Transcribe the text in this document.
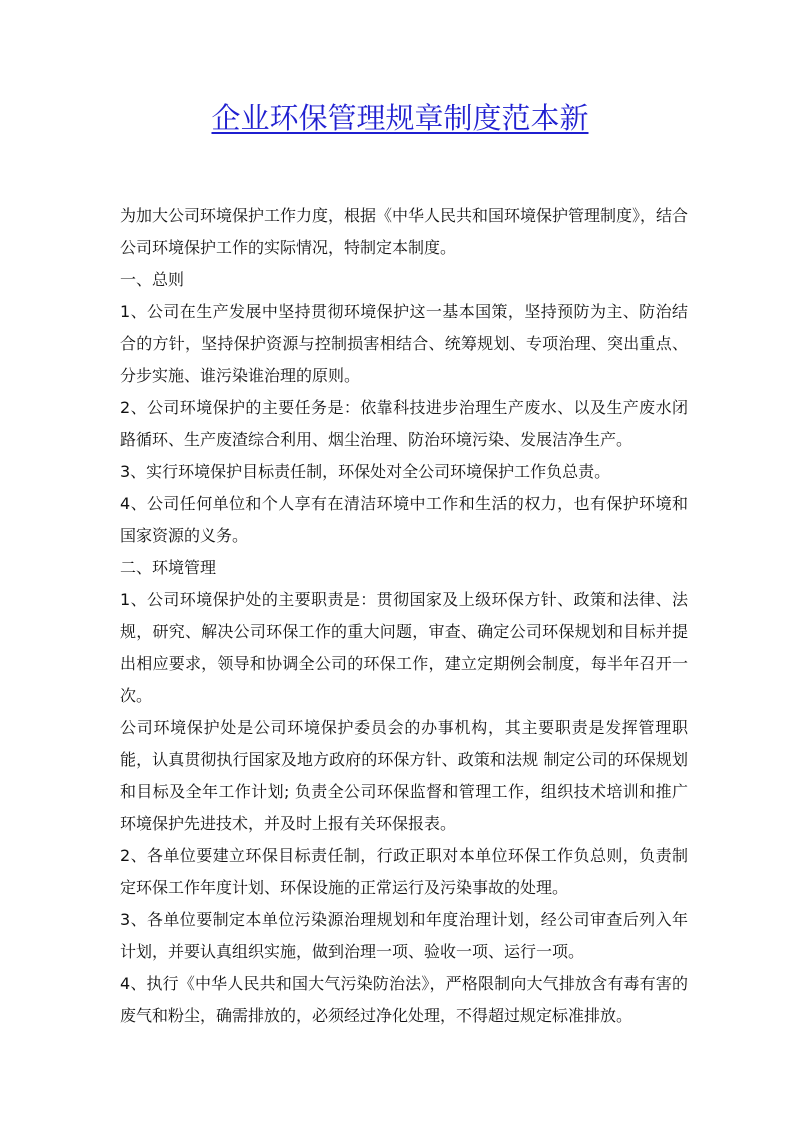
企业环保管理规章制度范本新

为加大公司环境保护工作力度，根据《中华人民共和国环境保护管理制度》，结合公司环境保护工作的实际情况，特制定本制度。

一、总则

1、公司在生产发展中坚持贯彻环境保护这一基本国策，坚持预防为主、防治结合的方针，坚持保护资源与控制损害相结合、统筹规划、专项治理、突出重点、分步实施、谁污染谁治理的原则。

2、公司环境保护的主要任务是：依靠科技进步治理生产废水、以及生产废水闭路循环、生产废渣综合利用、烟尘治理、防治环境污染、发展洁净生产。

3、实行环境保护目标责任制，环保处对全公司环境保护工作负总责。

4、公司任何单位和个人享有在清洁环境中工作和生活的权力，也有保护环境和国家资源的义务。

二、环境管理

1、公司环境保护处的主要职责是：贯彻国家及上级环保方针、政策和法律、法规，研究、解决公司环保工作的重大问题，审查、确定公司环保规划和目标并提出相应要求，领导和协调全公司的环保工作，建立定期例会制度，每半年召开一次。

公司环境保护处是公司环境保护委员会的办事机构，其主要职责是发挥管理职能，认真贯彻执行国家及地方政府的环保方针、政策和法规 制定公司的环保规划和目标及全年工作计划; 负责全公司环保监督和管理工作，组织技术培训和推广环境保护先进技术，并及时上报有关环保报表。

2、各单位要建立环保目标责任制，行政正职对本单位环保工作负总则，负责制定环保工作年度计划、环保设施的正常运行及污染事故的处理。

3、各单位要制定本单位污染源治理规划和年度治理计划，经公司审查后列入年计划，并要认真组织实施，做到治理一项、验收一项、运行一项。

4、执行《中华人民共和国大气污染防治法》，严格限制向大气排放含有毒有害的废气和粉尘，确需排放的，必须经过净化处理，不得超过规定标准排放。
